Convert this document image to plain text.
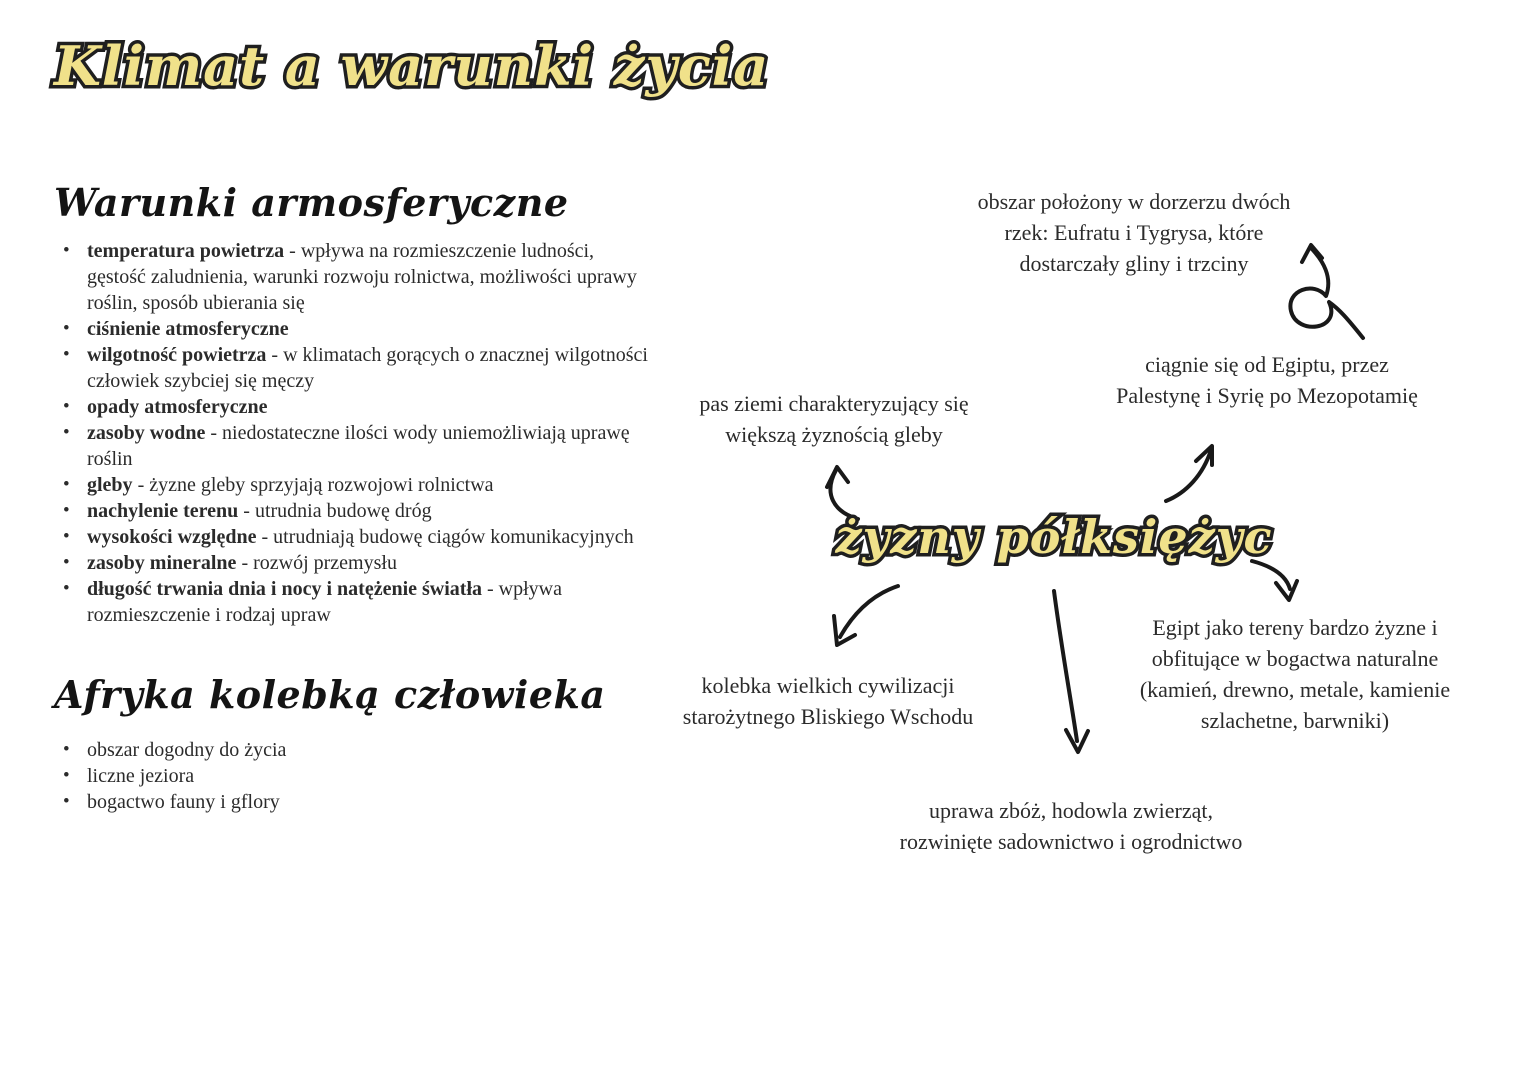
Klimat a warunki życia Klimat a warunki życia
Warunki armosferyczne
• temperatura powietrza - wpływa na rozmieszczenie ludności, gęstość zaludnienia, warunki rozwoju rolnictwa, możliwości uprawy roślin, sposób ubierania się
• ciśnienie atmosferyczne
• wilgotność powietrza - w klimatach gorących o znacznej wilgotności człowiek szybciej się męczy
• opady atmosferyczne
• zasoby wodne - niedostateczne ilości wody uniemożliwiają uprawę roślin
• gleby - żyzne gleby sprzyjają rozwojowi rolnictwa
• nachylenie terenu - utrudnia budowę dróg
• wysokości względne - utrudniają budowę ciągów komunikacyjnych
• zasoby mineralne - rozwój przemysłu
• długość trwania dnia i nocy i natężenie światła - wpływa rozmieszczenie i rodzaj upraw
Afryka kolebką człowieka
• obszar dogodny do życia
• liczne jeziora
• bogactwo fauny i gflory
obszar położony w dorzerzu dwóch
rzek: Eufratu i Tygrysa, które
dostarczały gliny i trzciny
ciągnie się od Egiptu, przez
Palestynę i Syrię po Mezopotamię
pas ziemi charakteryzujący się
większą żyznością gleby
kolebka wielkich cywilizacji
starożytnego Bliskiego Wschodu
Egipt jako tereny bardzo żyzne i
obfitujące w bogactwa naturalne
(kamień, drewno, metale, kamienie
szlachetne, barwniki)
uprawa zbóż, hodowla zwierząt,
rozwinięte sadownictwo i ogrodnictwo
żyzny półksiężyc żyzny półksiężyc
